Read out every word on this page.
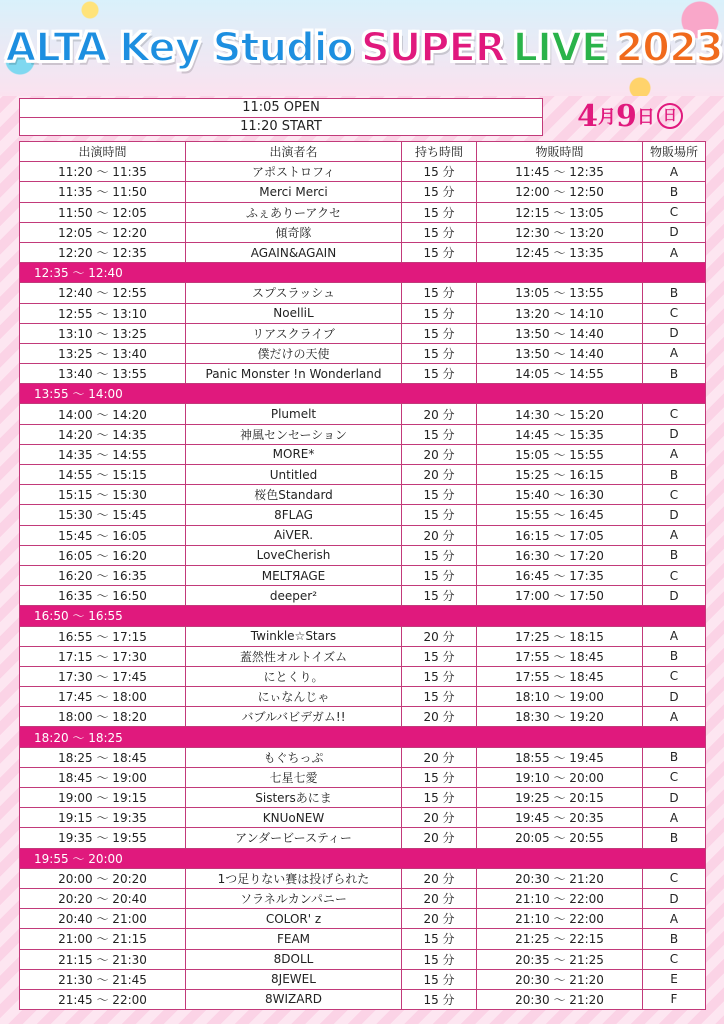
ALTA Key Studio SUPER LIVE 2023
11:05 OPEN
11:20 START	4 月 9 日 日
出演時間	出演者名	持ち時間	物販時間	物販場所
11:20 ～ 11:35	アポストロフィ	15 分	11:45 ～ 12:35	A
11:35 ～ 11:50	Merci Merci	15 分	12:00 ～ 12:50	B
11:50 ～ 12:05	ふぇありーアクセ	15 分	12:15 ～ 13:05	C
12:05 ～ 12:20	傾奇隊	15 分	12:30 ～ 13:20	D
12:20 ～ 12:35	AGAIN&AGAIN	15 分	12:45 ～ 13:35	A
12:35 ～ 12:40				
12:40 ～ 12:55	スプスラッシュ	15 分	13:05 ～ 13:55	B
12:55 ～ 13:10	NoelliL	15 分	13:20 ～ 14:10	C
13:10 ～ 13:25	リアスクライブ	15 分	13:50 ～ 14:40	D
13:25 ～ 13:40	僕だけの天使	15 分	13:50 ～ 14:40	A
13:40 ～ 13:55	Panic Monster !n Wonderland	15 分	14:05 ～ 14:55	B
13:55 ～ 14:00				
14:00 ～ 14:20	Plumelt	20 分	14:30 ～ 15:20	C
14:20 ～ 14:35	神風センセーション	15 分	14:45 ～ 15:35	D
14:35 ～ 14:55	MORE*	20 分	15:05 ～ 15:55	A
14:55 ～ 15:15	Untitled	20 分	15:25 ～ 16:15	B
15:15 ～ 15:30	桜色Standard	15 分	15:40 ～ 16:30	C
15:30 ～ 15:45	8FLAG	15 分	15:55 ～ 16:45	D
15:45 ～ 16:05	AiVER.	20 分	16:15 ～ 17:05	A
16:05 ～ 16:20	LoveCherish	15 分	16:30 ～ 17:20	B
16:20 ～ 16:35	MELTЯAGE	15 分	16:45 ～ 17:35	C
16:35 ～ 16:50	deeper²	15 分	17:00 ～ 17:50	D
16:50 ～ 16:55				
16:55 ～ 17:15	Twinkle☆Stars	20 分	17:25 ～ 18:15	A
17:15 ～ 17:30	蓋然性オルトイズム	15 分	17:55 ～ 18:45	B
17:30 ～ 17:45	にとくり。	15 分	17:55 ～ 18:45	C
17:45 ～ 18:00	にぃなんじゃ	15 分	18:10 ～ 19:00	D
18:00 ～ 18:20	バブルバビデガム!!	20 分	18:30 ～ 19:20	A
18:20 ～ 18:25				
18:25 ～ 18:45	もぐちっぷ	20 分	18:55 ～ 19:45	B
18:45 ～ 19:00	七星七愛	15 分	19:10 ～ 20:00	C
19:00 ～ 19:15	Sistersあにま	15 分	19:25 ～ 20:15	D
19:15 ～ 19:35	KNUoNEW	20 分	19:45 ～ 20:35	A
19:35 ～ 19:55	アンダービースティー	20 分	20:05 ～ 20:55	B
19:55 ～ 20:00				
20:00 ～ 20:20	1つ足りない賽は投げられた	20 分	20:30 ～ 21:20	C
20:20 ～ 20:40	ソラネルカンパニー	20 分	21:10 ～ 22:00	D
20:40 ～ 21:00	COLOR' z	20 分	21:10 ～ 22:00	A
21:00 ～ 21:15	FEAM	15 分	21:25 ～ 22:15	B
21:15 ～ 21:30	8DOLL	15 分	20:35 ～ 21:25	C
21:30 ～ 21:45	8JEWEL	15 分	20:30 ～ 21:20	E
21:45 ～ 22:00	8WIZARD	15 分	20:30 ～ 21:20	F
